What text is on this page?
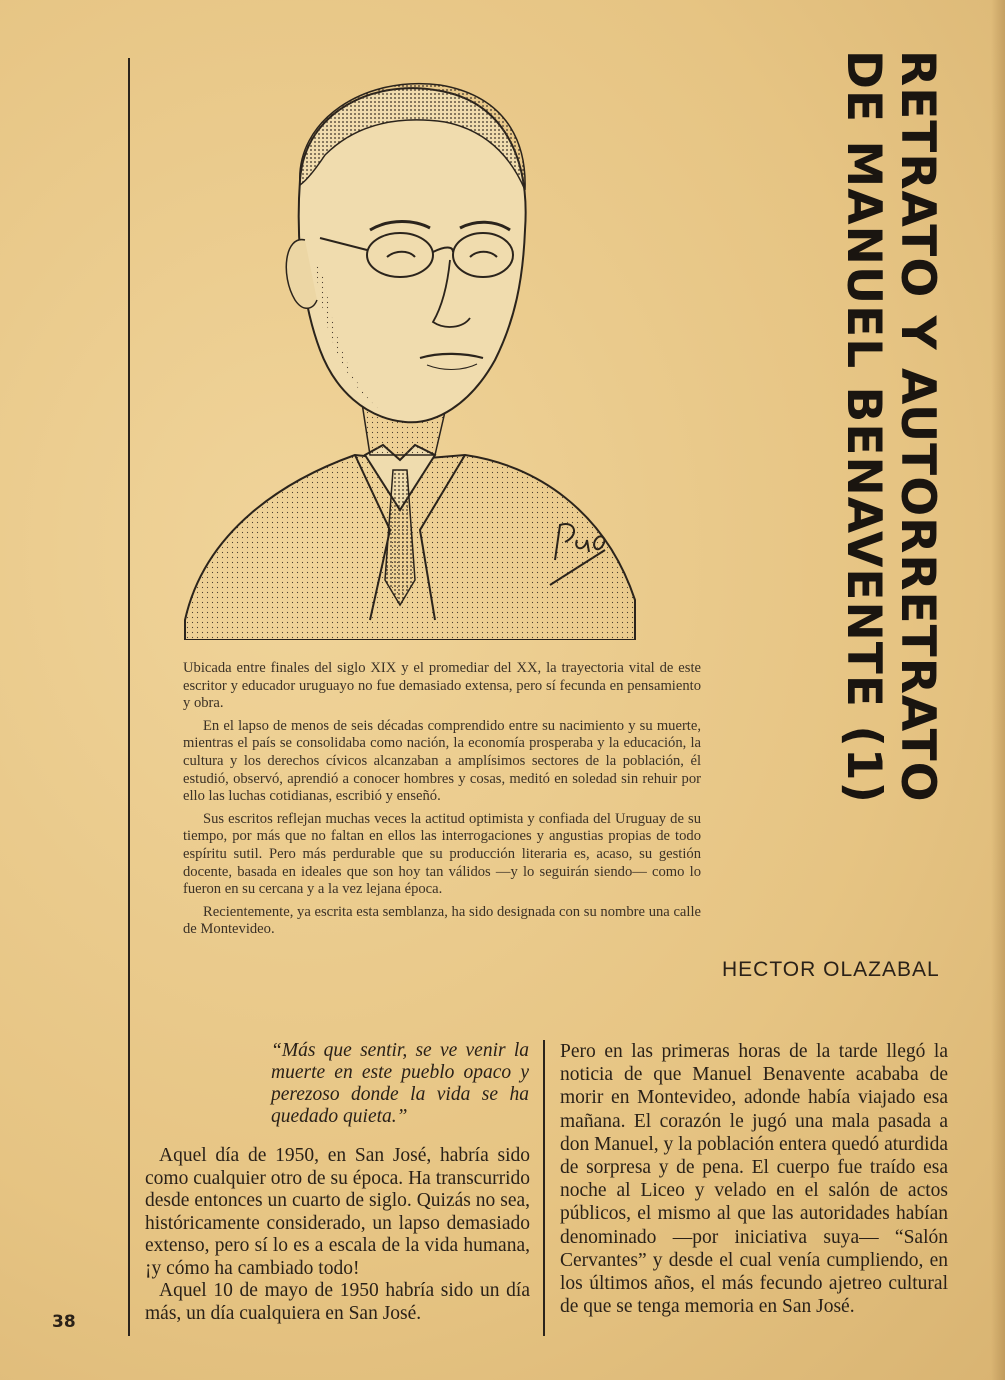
RETRATO Y AUTORRETRATO
DE MANUEL BENAVENTE (1)

Ubicada entre finales del siglo XIX y el promediar del XX, la trayectoria vital de este escritor y educador uruguayo no fue demasiado extensa, pero sí fecunda en pensamiento y obra.

En el lapso de menos de seis décadas comprendido entre su nacimiento y su muerte, mientras el país se consolidaba como nación, la economía prosperaba y la educación, la cultura y los derechos cívicos alcanzaban a amplísimos sectores de la población, él estudió, observó, aprendió a conocer hombres y cosas, meditó en soledad sin rehuir por ello las luchas cotidianas, escribió y enseñó.

Sus escritos reflejan muchas veces la actitud optimista y confiada del Uruguay de su tiempo, por más que no faltan en ellos las interrogaciones y angustias propias de todo espíritu sutil. Pero más perdurable que su producción literaria es, acaso, su gestión docente, basada en ideales que son hoy tan válidos —y lo seguirán siendo— como lo fueron en su cercana y a la vez lejana época.

Recientemente, ya escrita esta semblanza, ha sido designada con su nombre una calle de Montevideo.

HECTOR OLAZABAL
“Más que sentir, se ve venir la muerte en este pueblo opaco y perezoso donde la vida se ha quedado quieta.”

Aquel día de 1950, en San José, habría sido como cualquier otro de su época. Ha transcurrido desde entonces un cuarto de siglo. Quizás no sea, históricamente considerado, un lapso demasiado extenso, pero sí lo es a escala de la vida humana, ¡y cómo ha cambiado todo!

Aquel 10 de mayo de 1950 habría sido un día más, un día cualquiera en San José.

Pero en las primeras horas de la tarde llegó la noticia de que Manuel Benavente acababa de morir en Montevideo, adonde había viajado esa mañana. El corazón le jugó una mala pasada a don Manuel, y la población entera quedó aturdida de sorpresa y de pena. El cuerpo fue traído esa noche al Liceo y velado en el salón de actos públicos, el mismo al que las autoridades habían denominado —por iniciativa suya— “Salón Cervantes” y desde el cual venía cumpliendo, en los últimos años, el más fecundo ajetreo cultural de que se tenga memoria en San José.

38
